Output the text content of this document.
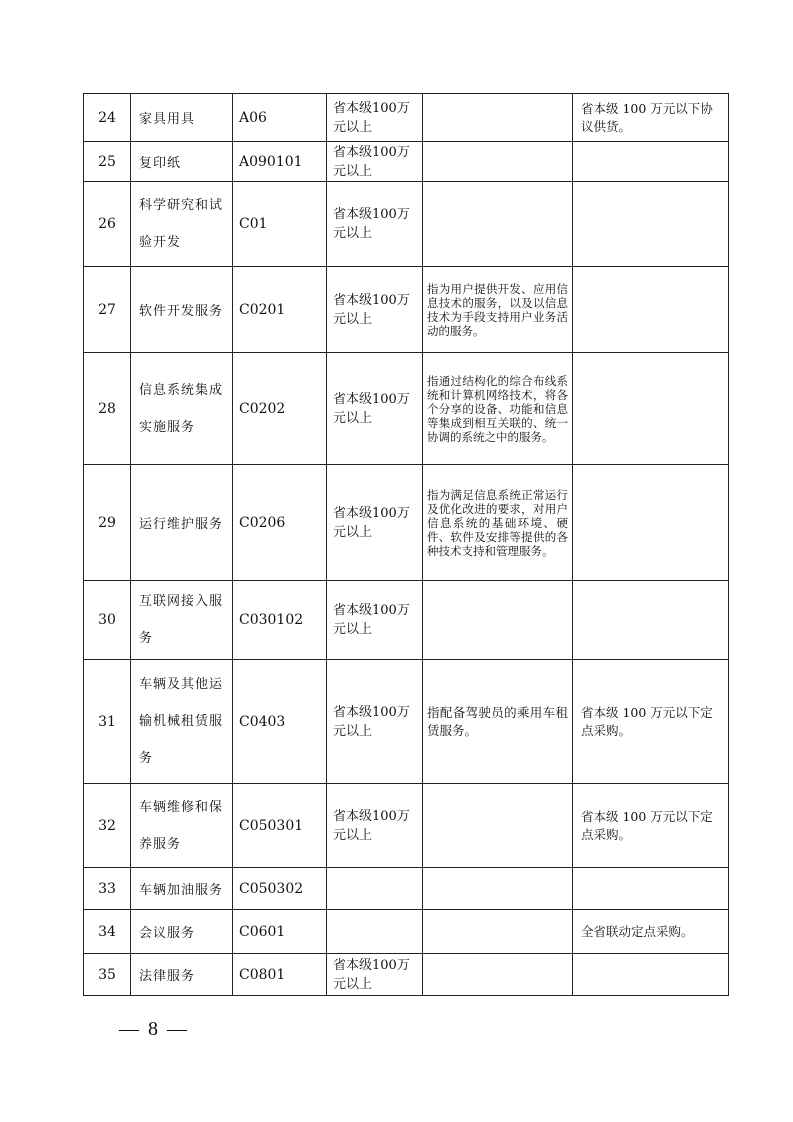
24	家具用具	A06	省本级100万元以上		省本级 100 万元以下协议供货。
25	复印纸	A090101	省本级100万元以上		
26	科学研究和试验开发	C01	省本级100万元以上		
27	软件开发服务	C0201	省本级100万元以上	指为用户提供开发、应用信息技术的服务，以及以信息技术为手段支持用户业务活动的服务。	
28	信息系统集成实施服务	C0202	省本级100万元以上	指通过结构化的综合布线系统和计算机网络技术，将各个分享的设备、功能和信息等集成到相互关联的、统一协调的系统之中的服务。	
29	运行维护服务	C0206	省本级100万元以上	指为满足信息系统正常运行及优化改进的要求，对用户信息系统的基础环境、硬件、软件及安排等提供的各种技术支持和管理服务。	
30	互联网接入服务	C030102	省本级100万元以上		
31	车辆及其他运输机械租赁服务	C0403	省本级100万元以上	指配备驾驶员的乘用车租赁服务。	省本级 100 万元以下定点采购。
32	车辆维修和保养服务	C050301	省本级100万元以上		省本级 100 万元以下定点采购。
33	车辆加油服务	C050302			
34	会议服务	C0601			全省联动定点采购。
35	法律服务	C0801	省本级100万元以上		
— 8 —
